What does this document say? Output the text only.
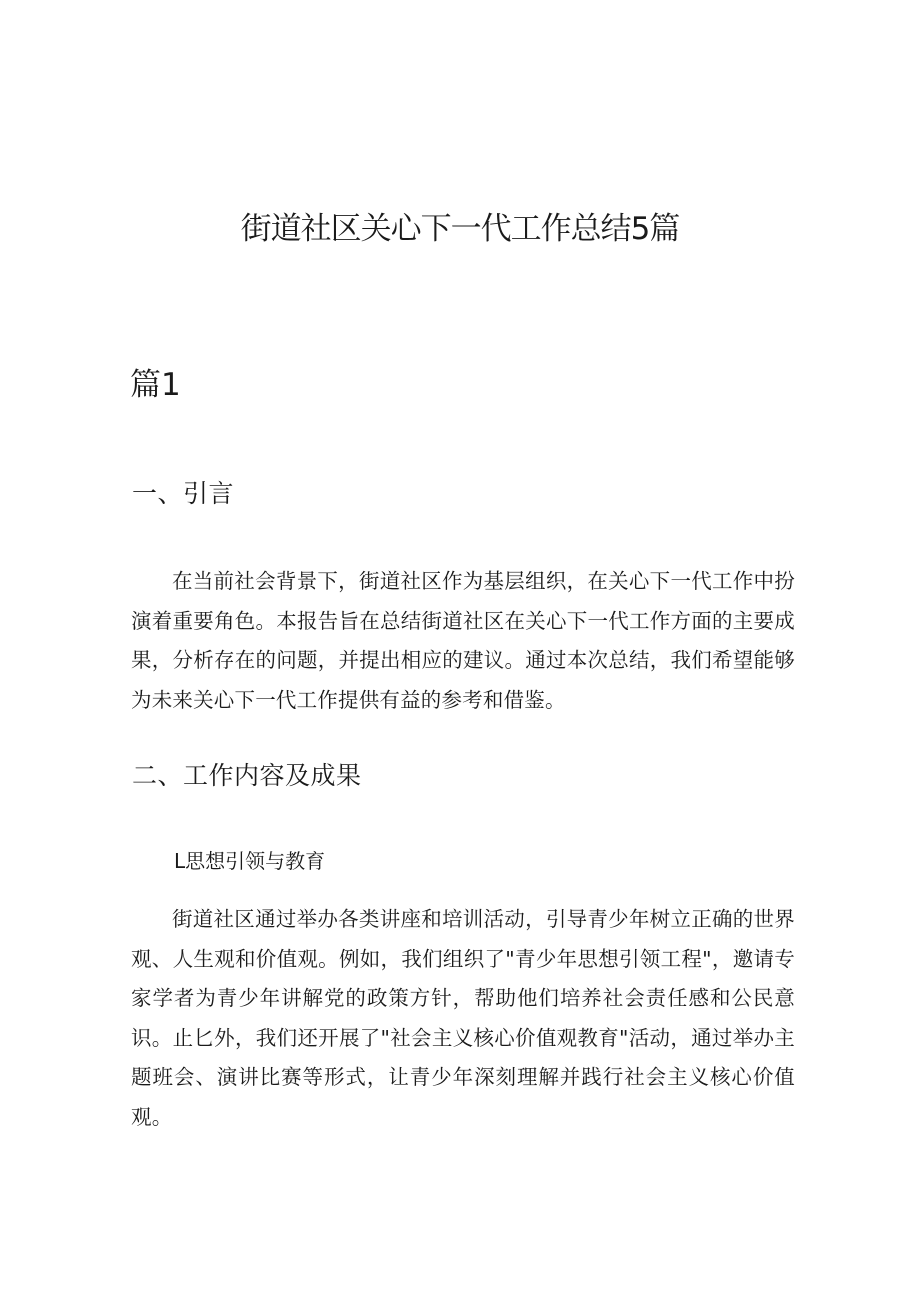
街道社区关心下一代工作总结5篇
篇1
一、引言

在当前社会背景下，街道社区作为基层组织，在关心下一代工作中扮演着重要角色。本报告旨在总结街道社区在关心下一代工作方面的主要成果，分析存在的问题，并提出相应的建议。通过本次总结，我们希望能够为未来关心下一代工作提供有益的参考和借鉴。

二、工作内容及成果
L思想引领与教育

街道社区通过举办各类讲座和培训活动，引导青少年树立正确的世界观、人生观和价值观。例如，我们组织了"青少年思想引领工程"，邀请专家学者为青少年讲解党的政策方针，帮助他们培养社会责任感和公民意识。止匕外，我们还开展了"社会主义核心价值观教育"活动，通过举办主题班会、演讲比赛等形式，让青少年深刻理解并践行社会主义核心价值观。
